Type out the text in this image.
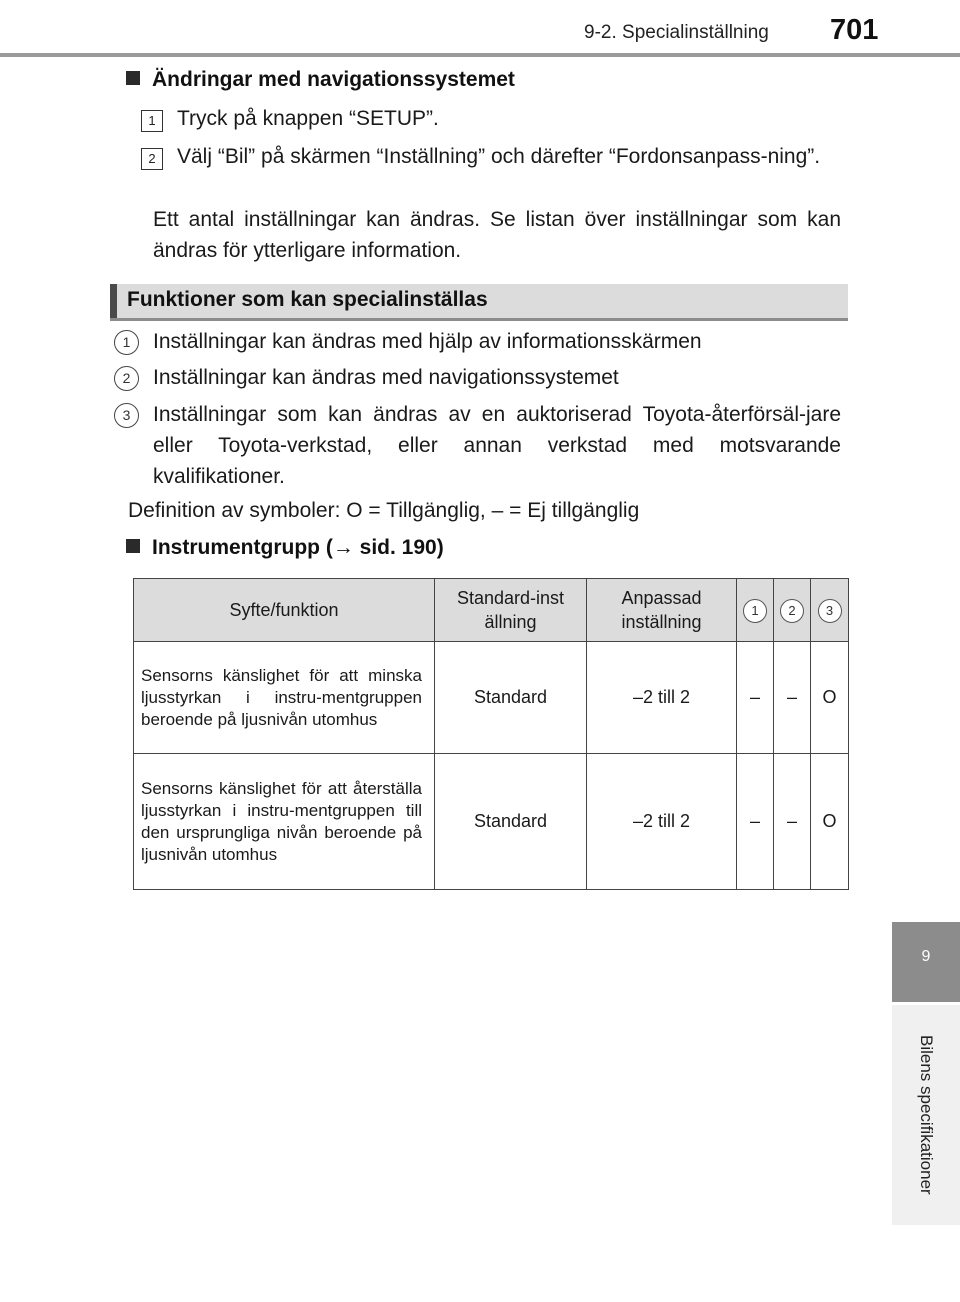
9-2. Specialinställning 701
9
Bilens specifikationer
Ändringar med navigationssystemet
1	Tryck på knappen “SETUP”.
2	Välj “Bil” på skärmen “Inställning” och därefter “Fordonsanpass-ning”.
Ett antal inställningar kan ändras. Se listan över inställningar som kan ändras för ytterligare information.
Funktioner som kan specialinställas
1	Inställningar kan ändras med hjälp av informationsskärmen
2	Inställningar kan ändras med navigationssystemet
3	Inställningar som kan ändras av en auktoriserad Toyota-återförsäl-jare eller Toyota-verkstad, eller annan verkstad med motsvarande kvalifikationer.
Definition av symboler: O = Tillgänglig, – = Ej tillgänglig
Instrumentgrupp (→ sid. 190)
Syfte/funktion	Standard-inställning	Anpassad inställning	1	2	3
Sensorns känslighet för att minska ljusstyrkan i instru-mentgruppen beroende på ljusnivån utomhus	Standard	–2 till 2	–	–	O
Sensorns känslighet för att återställa ljusstyrkan i instru-mentgruppen till den ursprungliga nivån beroende på ljusnivån utomhus	Standard	–2 till 2	–	–	O
